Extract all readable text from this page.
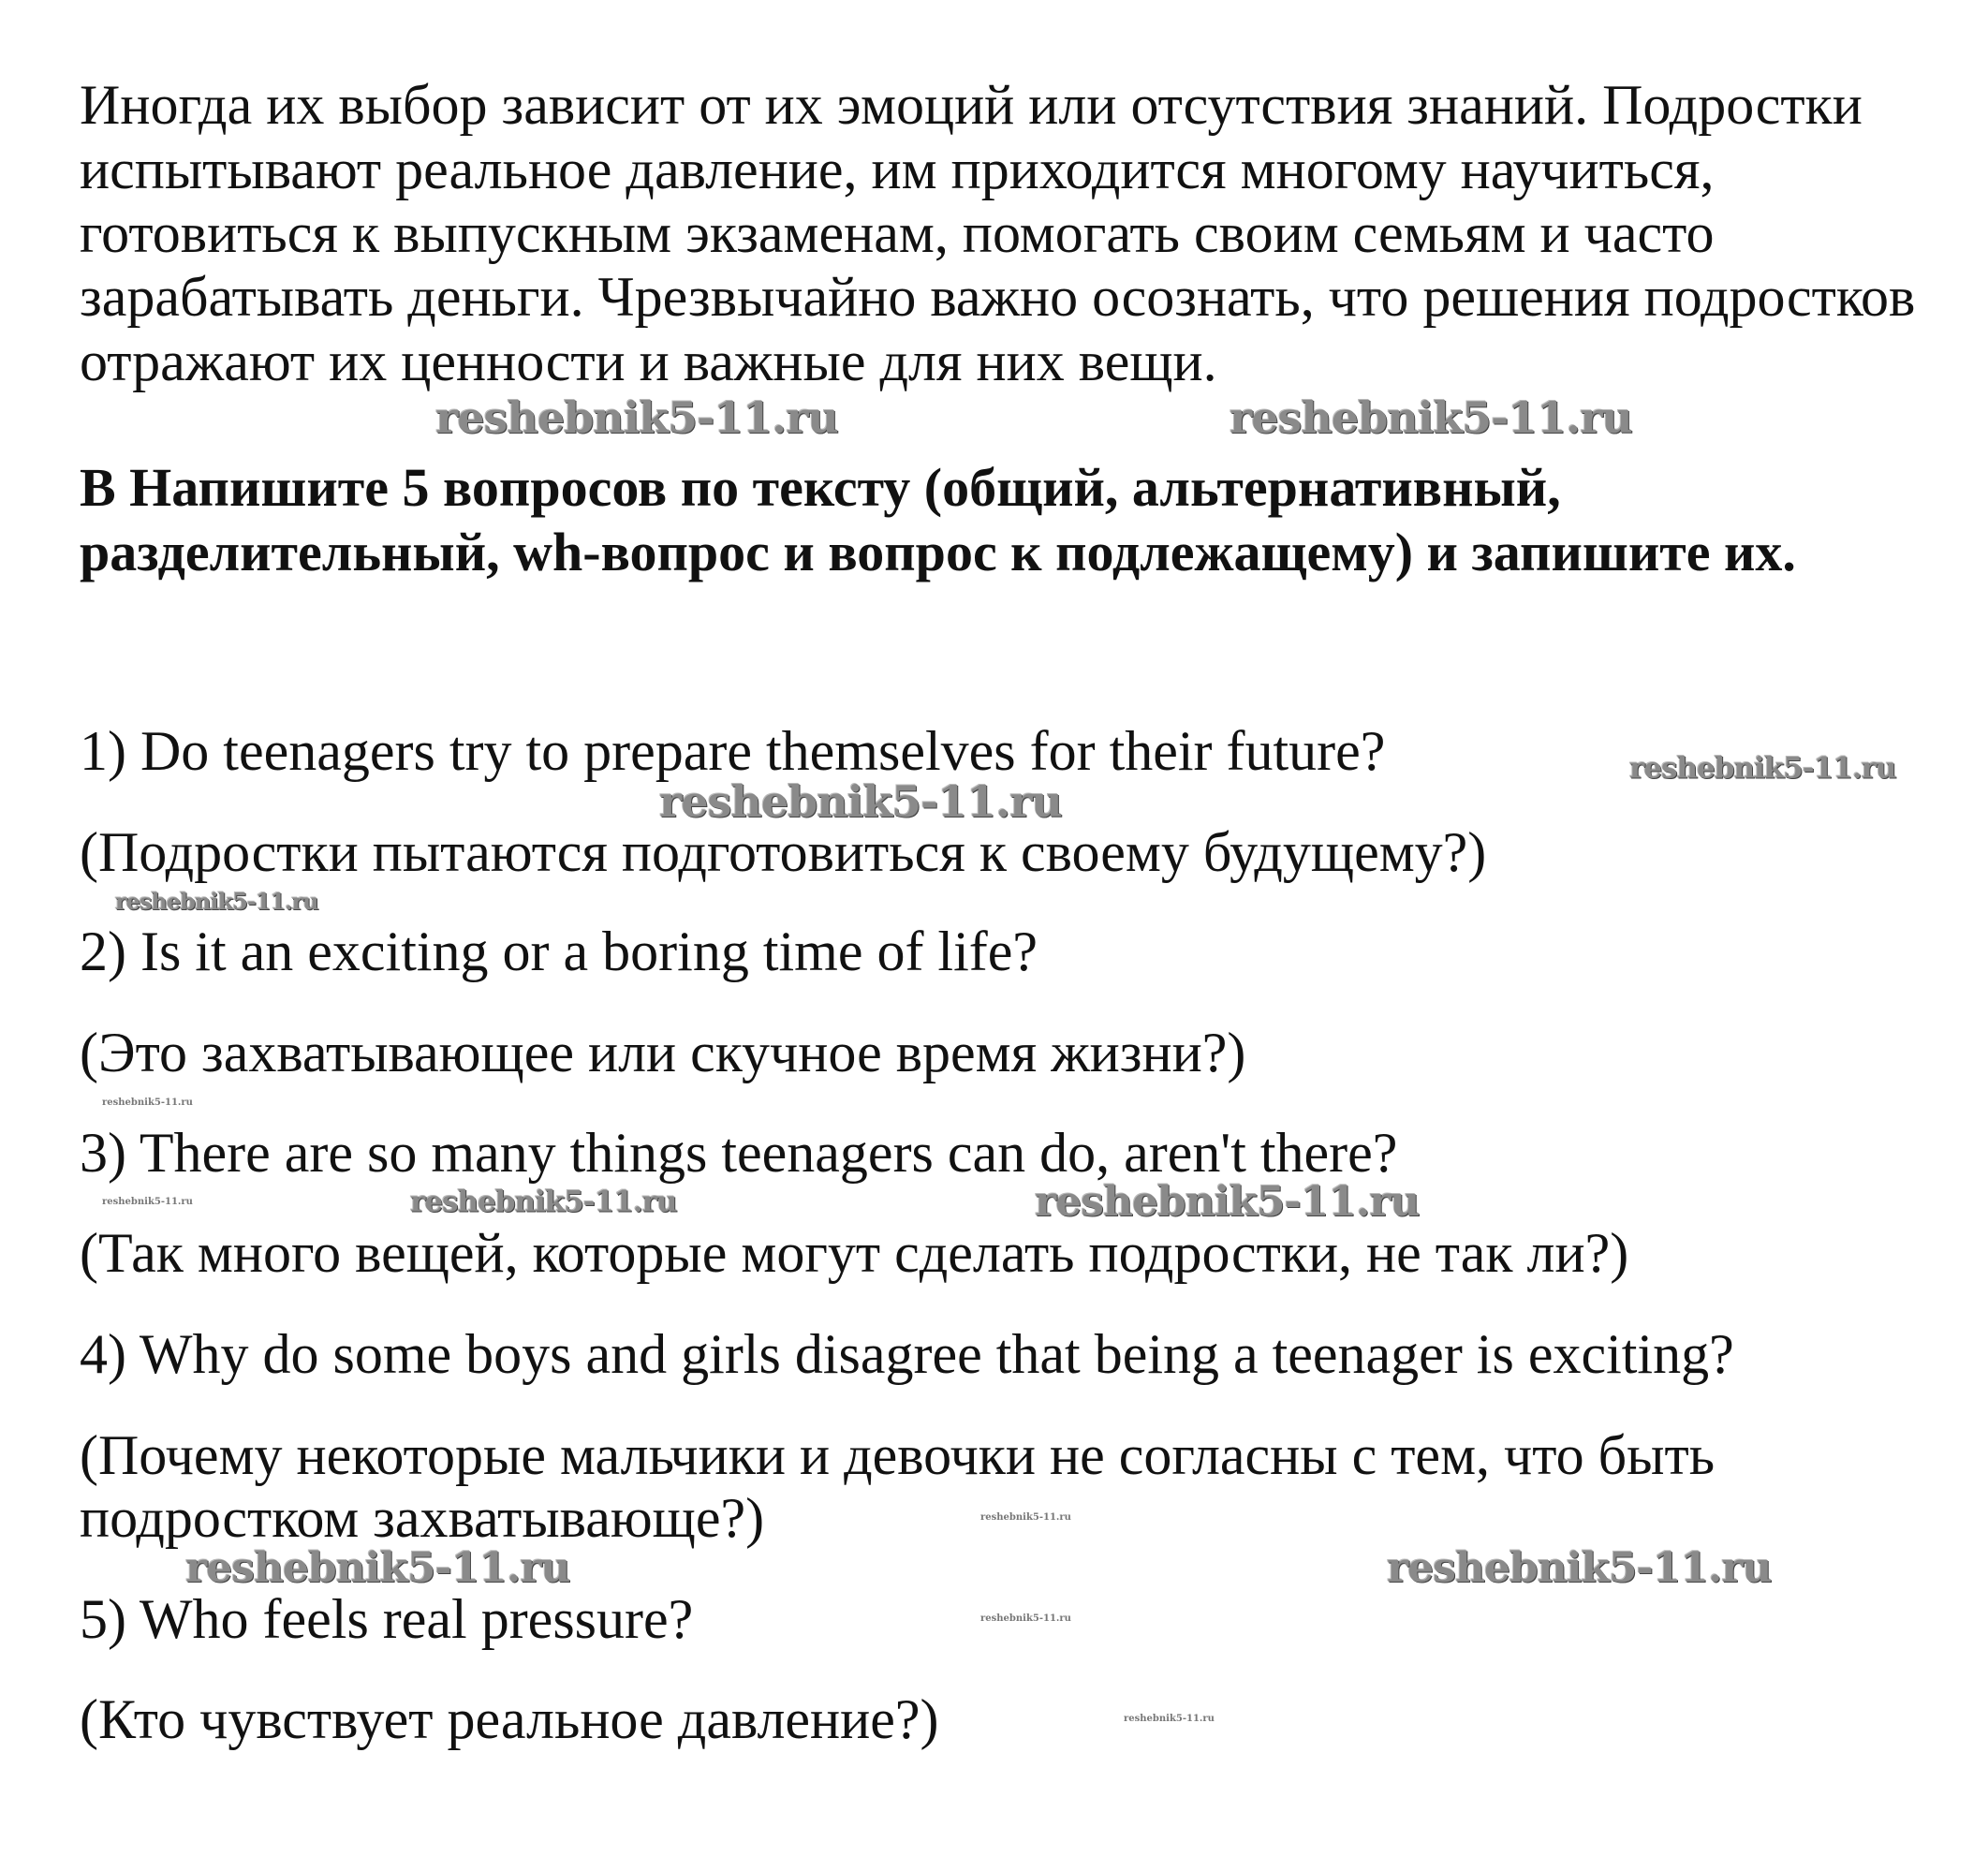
Иногда их выбор зависит от их эмоций или отсутствия знаний. Подростки
испытывают реальное давление, им приходится многому научиться,
готовиться к выпускным экзаменам, помогать своим семьям и часто
зарабатывать деньги. Чрезвычайно важно осознать, что решения подростков
отражают их ценности и важные для них вещи.
В Напишите 5 вопросов по тексту (общий, альтернативный,
разделительный, wh-вопрос и вопрос к подлежащему) и запишите их.
1) Do teenagers try to prepare themselves for their future?
(Подростки пытаются подготовиться к своему будущему?)
2) Is it an exciting or a boring time of life?
(Это захватывающее или скучное время жизни?)
3) There are so many things teenagers can do, aren't there?
(Так много вещей, которые могут сделать подростки, не так ли?)
4) Why do some boys and girls disagree that being a teenager is exciting?
(Почему некоторые мальчики и девочки не согласны с тем, что быть
подростком захватывающе?)
5) Who feels real pressure?
(Кто чувствует реальное давление?)
reshebnik5-11.ru	reshebnik5-11.ru
reshebnik5-11.ru
reshebnik5-11.ru
reshebnik5-11.ru
reshebnik5-11.ru
reshebnik5-11.ru	reshebnik5-11.ru	reshebnik5-11.ru
reshebnik5-11.ru	reshebnik5-11.ru
reshebnik5-11.ru
reshebnik5-11.ru
reshebnik5-11.ru
